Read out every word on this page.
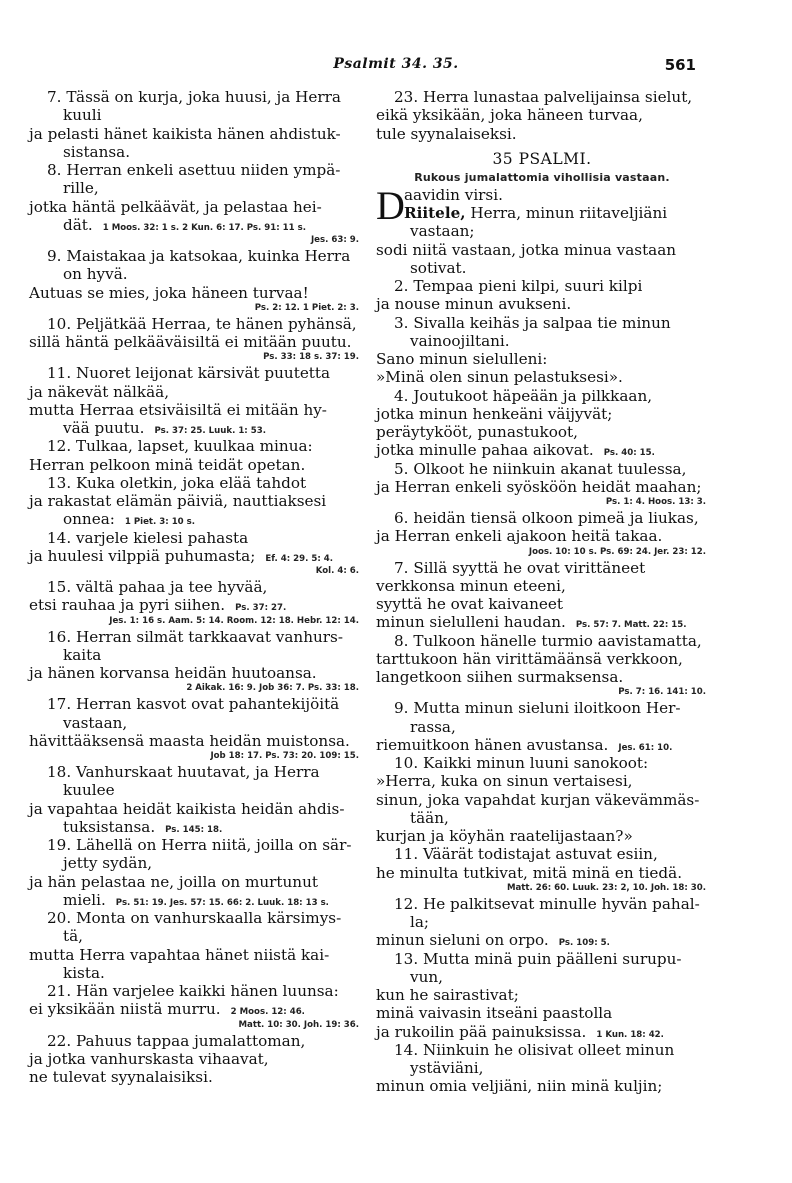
Psalmit 34. 35.	561
7. Tässä on kurja, joka huusi, ja Herra
kuuli
ja pelasti hänet kaikista hänen ahdistuk-
sistansa.
8. Herran enkeli asettuu niiden ympä-
rille,
jotka häntä pelkäävät, ja pelastaa hei-
dät. 1 Moos. 32: 1 s. 2 Kun. 6: 17. Ps. 91: 11 s.
Jes. 63: 9.
9. Maistakaa ja katsokaa, kuinka Herra
on hyvä.
Autuas se mies, joka häneen turvaa!
Ps. 2: 12. 1 Piet. 2: 3.
10. Peljätkää Herraa, te hänen pyhänsä,
sillä häntä pelkääväisiltä ei mitään puutu.
Ps. 33: 18 s. 37: 19.
11. Nuoret leijonat kärsivät puutetta
ja näkevät nälkää,
mutta Herraa etsiväisiltä ei mitään hy-
vää puutu. Ps. 37: 25. Luuk. 1: 53.
12. Tulkaa, lapset, kuulkaa minua:
Herran pelkoon minä teidät opetan.
13. Kuka oletkin, joka elää tahdot
ja rakastat elämän päiviä, nauttiaksesi
onnea: 1 Piet. 3: 10 s.
14. varjele kielesi pahasta
ja huulesi vilppiä puhumasta; Ef. 4: 29. 5: 4.
Kol. 4: 6.
15. vältä pahaa ja tee hyvää,
etsi rauhaa ja pyri siihen. Ps. 37: 27.
Jes. 1: 16 s. Aam. 5: 14. Room. 12: 18. Hebr. 12: 14.
16. Herran silmät tarkkaavat vanhurs-
kaita
ja hänen korvansa heidän huutoansa.
2 Aikak. 16: 9. Job 36: 7. Ps. 33: 18.
17. Herran kasvot ovat pahantekijöitä
vastaan,
hävittääksensä maasta heidän muistonsa.
Job 18: 17. Ps. 73: 20. 109: 15.
18. Vanhurskaat huutavat, ja Herra
kuulee
ja vapahtaa heidät kaikista heidän ahdis-
tuksistansa. Ps. 145: 18.
19. Lähellä on Herra niitä, joilla on sär-
jetty sydän,
ja hän pelastaa ne, joilla on murtunut
mieli. Ps. 51: 19. Jes. 57: 15. 66: 2. Luuk. 18: 13 s.
20. Monta on vanhurskaalla kärsimys-
tä,
mutta Herra vapahtaa hänet niistä kai-
kista.
21. Hän varjelee kaikki hänen luunsa:
ei yksikään niistä murru. 2 Moos. 12: 46.
Matt. 10: 30. Joh. 19: 36.
22. Pahuus tappaa jumalattoman,
ja jotka vanhurskasta vihaavat,
ne tulevat syynalaisiksi.
23. Herra lunastaa palvelijainsa sielut,
eikä yksikään, joka häneen turvaa,
tule syynalaiseksi.
35 PSALMI.
Rukous jumalattomia vihollisia vastaan.
D aavidin virsi.
Riitele, Herra, minun riitaveljiäni
vastaan;
sodi niitä vastaan, jotka minua vastaan
sotivat.
2. Tempaa pieni kilpi, suuri kilpi
ja nouse minun avukseni.
3. Sivalla keihäs ja salpaa tie minun
vainoojiltani.
Sano minun sielulleni:
»Minä olen sinun pelastuksesi».
4. Joutukoot häpeään ja pilkkaan,
jotka minun henkeäni väijyvät;
peräytykööt, punastukoot,
jotka minulle pahaa aikovat. Ps. 40: 15.
5. Olkoot he niinkuin akanat tuulessa,
ja Herran enkeli syösköön heidät maahan;
Ps. 1: 4. Hoos. 13: 3.
6. heidän tiensä olkoon pimeä ja liukas,
ja Herran enkeli ajakoon heitä takaa.
Joos. 10: 10 s. Ps. 69: 24. Jer. 23: 12.
7. Sillä syyttä he ovat virittäneet
verkkonsa minun eteeni,
syyttä he ovat kaivaneet
minun sielulleni haudan. Ps. 57: 7. Matt. 22: 15.
8. Tulkoon hänelle turmio aavistamatta,
tarttukoon hän virittämäänsä verkkoon,
langetkoon siihen surmaksensa.
Ps. 7: 16. 141: 10.
9. Mutta minun sieluni iloitkoon Her-
rassa,
riemuitkoon hänen avustansa. Jes. 61: 10.
10. Kaikki minun luuni sanokoot:
»Herra, kuka on sinun vertaisesi,
sinun, joka vapahdat kurjan väkevämmäs-
tään,
kurjan ja köyhän raatelijastaan?»
11. Väärät todistajat astuvat esiin,
he minulta tutkivat, mitä minä en tiedä.
Matt. 26: 60. Luuk. 23: 2, 10. Joh. 18: 30.
12. He palkitsevat minulle hyvän pahal-
la;
minun sieluni on orpo. Ps. 109: 5.
13. Mutta minä puin päälleni surupu-
vun,
kun he sairastivat;
minä vaivasin itseäni paastolla
ja rukoilin pää painuksissa. 1 Kun. 18: 42.
14. Niinkuin he olisivat olleet minun
ystäviäni,
minun omia veljiäni, niin minä kuljin;
